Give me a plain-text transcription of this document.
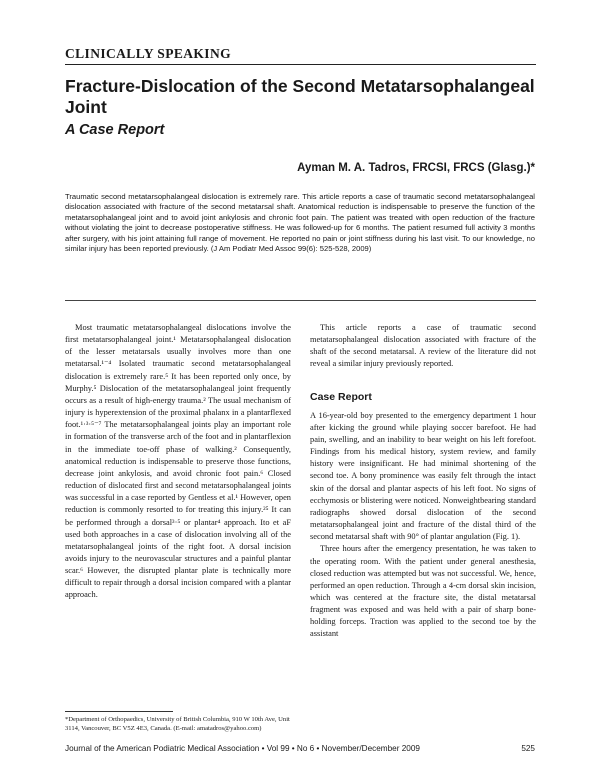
CLINICALLY SPEAKING
Fracture-Dislocation of the Second Metatarsophalangeal Joint
A Case Report
Ayman M. A. Tadros, FRCSI, FRCS (Glasg.)*
Traumatic second metatarsophalangeal dislocation is extremely rare. This article reports a case of traumatic second metatarsophalangeal dislocation associated with fracture of the second metatarsal shaft. Anatomical reduction is indispensable to preserve the function of the metatarsophalangeal joint and to avoid joint ankylosis and chronic foot pain. The patient was treated with open reduction of the fracture without violating the joint to decrease postoperative stiffness. He was followed-up for 6 months. The patient resumed full activity 3 months after surgery, with his joint attaining full range of movement. He reported no pain or joint stiffness during his last visit. To our knowledge, no similar injury has been reported previously. (J Am Podiatr Med Assoc 99(6): 525-528, 2009)

Most traumatic metatarsophalangeal dislocations involve the first metatarsophalangeal joint.¹ Metatarsophalangeal dislocation of the lesser metatarsals usually involves more than one metatarsal.¹⁻⁴ Isolated traumatic second metatarsophalangeal dislocation is extremely rare.⁵ It has been reported only once, by Murphy.⁵ Dislocation of the metatarsophalangeal joint frequently occurs as a result of high-energy trauma.² The usual mechanism of injury is hyperextension of the proximal phalanx in a plantarflexed foot.¹·³·⁵⁻⁷ The metatarsophalangeal joints play an important role in formation of the transverse arch of the foot and in plantarflexion in the immediate toe-off phase of walking.² Consequently, anatomical reduction is indispensable to preserve those functions, decrease joint ankylosis, and avoid chronic foot pain.⁶ Closed reduction of dislocated first and second metatarsophalangeal joints was successful in a case reported by Gentless et al.¹ However, open reduction is commonly resorted to for treating this injury.²⁵ It can be performed through a dorsal³·⁵ or plantar⁴ approach. Ito et aF used both approaches in a case of dislocation involving all of the metatarsophalangeal joints of the right foot. A dorsal incision avoids injury to the neurovascular structures and a painful plantar scar.⁶ However, the disrupted plantar plate is technically more difficult to repair through a dorsal incision compared with a plantar approach.

This article reports a case of traumatic second metatarsophalangeal dislocation associated with fracture of the shaft of the second metatarsal. A review of the literature did not reveal a similar injury previously reported.

Case Report

A 16-year-old boy presented to the emergency department 1 hour after kicking the ground while playing soccer barefoot. He had pain, swelling, and an inability to bear weight on his left forefoot. Findings from his medical history, system review, and family history were insignificant. He had minimal shortening of the second toe. A bony prominence was easily felt through the intact skin of the dorsal and plantar aspects of his left foot. No signs of ecchymosis or blistering were noticed. Nonweightbearing standard radiographs showed dorsal dislocation of the second metatarsophalangeal joint and fracture of the distal third of the second metatarsal shaft with 90° of plantar angulation (Fig. 1).

Three hours after the emergency presentation, he was taken to the operating room. With the patient under general anesthesia, closed reduction was attempted but was not successful. We, hence, performed an open reduction. Through a 4-cm dorsal skin incision, which was centered at the fracture site, the distal metatarsal fragment was exposed and was held with a pair of sharp bone-holding forceps. Traction was applied to the second toe by the assistant

*Department of Orthopaedics, University of British Columbia, 910 W 10th Ave, Unit 3114, Vancouver, BC V5Z 4E3, Canada. (E-mail: amatadros@yahoo.com)
Journal of the American Podiatric Medical Association • Vol 99 • No 6 • November/December 2009	525
